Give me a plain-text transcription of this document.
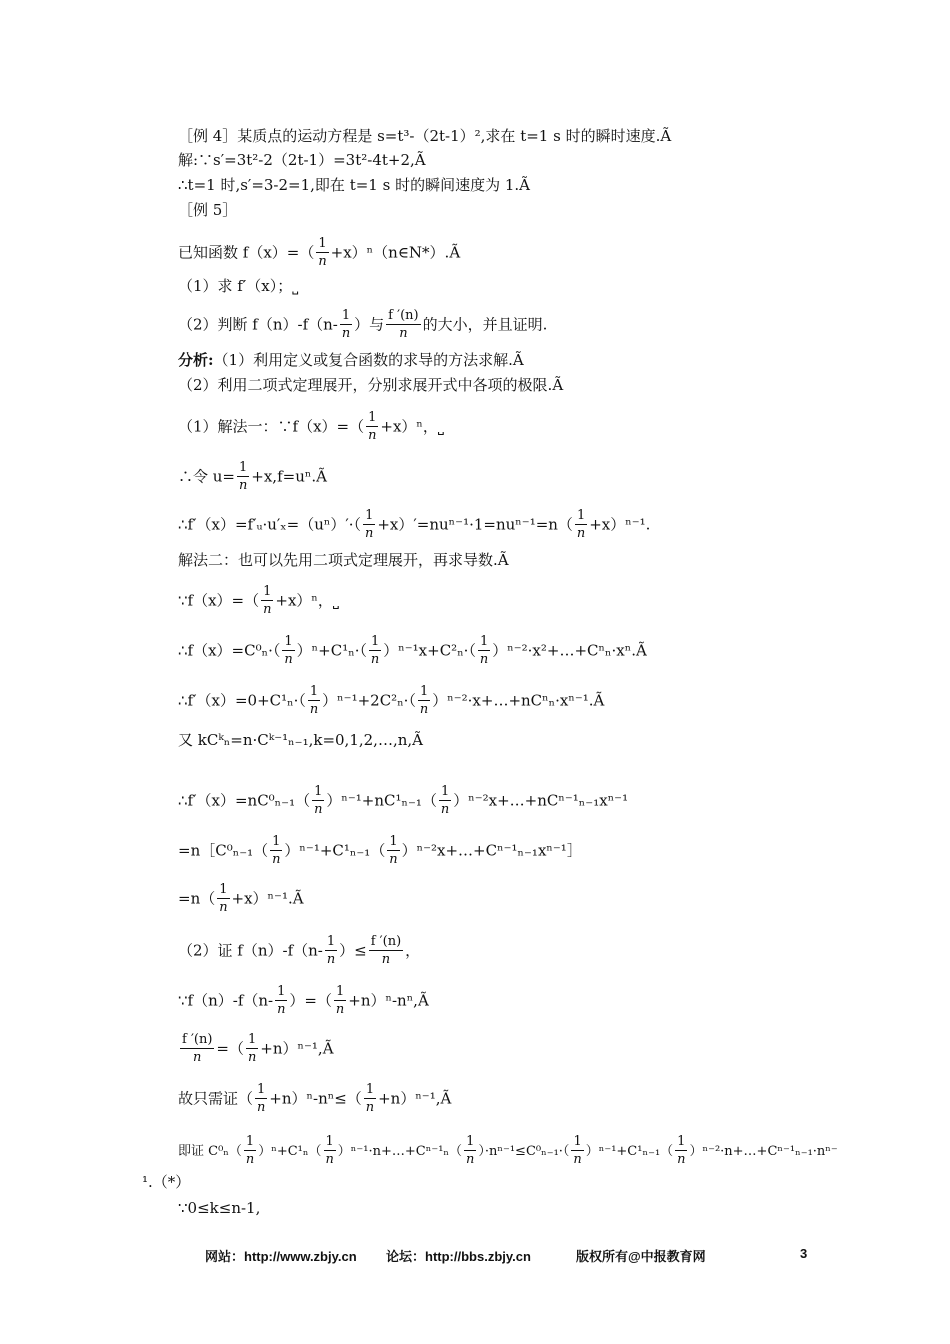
［例 4］某质点的运动方程是 s=t³-（2t-1）²,求在 t=1 s 时的瞬时速度.Ã
解:∵s′=3t²-2（2t-1）=3t²-4t+2,Ã
∴t=1 时,s′=3-2=1,即在 t=1 s 时的瞬间速度为 1.Ã
［例 5］
已知函数 $f(x)=( \frac{1}{n}$ +x）ⁿ（n∈N*）.Ã
（1）求 f′（x）；⎵
（2）判断 $f(n)-f(n- \frac{1}{n}$ ）与 $\frac{f '(n)}{n}$ 的大小，并且证明.
分析:（1）利用定义或复合函数的求导的方法求解.Ã
（2）利用二项式定理展开，分别求展开式中各项的极限.Ã
（1）解法一：∵f（x）=（ $\frac{1}{n} +x)^n$，⎵
∴令 $u= \frac{1}{n}$ +x,f=uⁿ.Ã
∴f′（x）=f′ᵤ·u′ₓ=（uⁿ）′·（ $\frac{1}{n} +x)'=nu^{n-1}\cdot 1=nu^{n-1}=n( \frac{1}{n} +x)^{n-1}$.
解法二：也可以先用二项式定理展开，再求导数.Ã
∵f（x）=（ $\frac{1}{n} +x)^n$，⎵
∴f（x）=C⁰ₙ·（ $\frac{1}{n} )^n+C^1_n\cdot( \frac{1}{n} )^{n-1}x+C^2_n\cdot( \frac{1}{n}$ ）ⁿ⁻²·x²+…+Cⁿₙ·xⁿ.Ã
∴f′（x）=0+C¹ₙ·（ $\frac{1}{n} )^{n-1}+2C^2_n\cdot( \frac{1}{n}$ ）ⁿ⁻²·x+…+nCⁿₙ·xⁿ⁻¹.Ã
又 kCᵏₙ=n·Cᵏ⁻¹ₙ₋₁,k=0,1,2,…,n,Ã
∴f′（x）=nC⁰ₙ₋₁（ $\frac{1}{n} )^{n-1}+nC^1_{n-1}( \frac{1}{n}$ ）ⁿ⁻²x+…+nCⁿ⁻¹ₙ₋₁xⁿ⁻¹
=n［C⁰ₙ₋₁（ $\frac{1}{n} )^{n-1}+C^1_{n-1}( \frac{1}{n}$ ）ⁿ⁻²x+…+Cⁿ⁻¹ₙ₋₁xⁿ⁻¹］
$=n( \frac{1}{n}$ +x）ⁿ⁻¹.Ã
（2）证 $f(n)-f(n- \frac{1}{n}$ ）≤ $\frac{f '(n)}{n}$ ，
∵f（n）-f（n- $\frac{1}{n}$ ）=（ $\frac{1}{n}$ +n）ⁿ-nⁿ,Ã
$\frac{f '(n)}{n}$ =（ $\frac{1}{n}$ +n）ⁿ⁻¹,Ã
故只需证（ $\frac{1}{n} +n)^n-n^n\le( \frac{1}{n}$ +n）ⁿ⁻¹,Ã
即证 $C^0_n( \frac{1}{n} )^n+C^1_n( \frac{1}{n}$ ）ⁿ⁻¹·n+…+Cⁿ⁻¹ₙ（ $\frac{1}{n} )\cdot n^{n-1}\le C^0_{n-1}\cdot( \frac{1}{n} )^{n-1}+C^1_{n-1}( \frac{1}{n}$ ）ⁿ⁻²·n+…+Cⁿ⁻¹ₙ₋₁·nⁿ⁻
¹.（*）
∵0≤k≤n-1,
网站：http://www.zbjy.cn 论坛：http://bbs.zbjy.cn	版权所有@中报教育网	3
